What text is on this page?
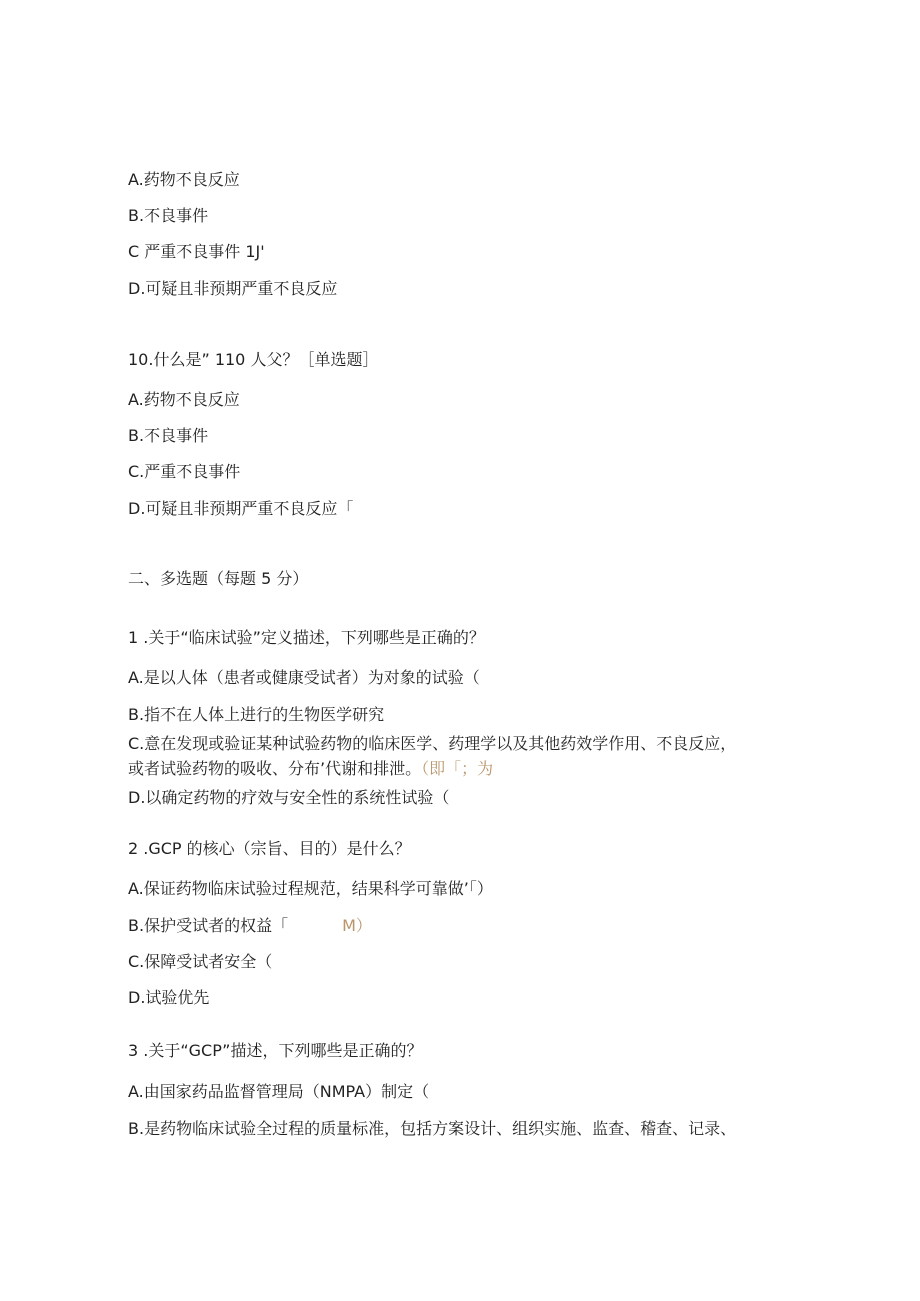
A.药物不良反应
B.不良事件
C 严重不良事件 1J'
D.可疑且非预期严重不良反应
10.什么是” 110 人父？［单选题］
A.药物不良反应
B.不良事件
C.严重不良事件
D.可疑且非预期严重不良反应「
二、多选题（每题 5 分）
1 .关于“临床试验”定义描述，下列哪些是正确的？
A.是以人体（患者或健康受试者）为对象的试验（
B.指不在人体上进行的生物医学研究
C.意在发现或验证某种试验药物的临床医学、药理学以及其他药效学作用、不良反应，
或者试验药物的吸收、分布’代谢和排泄。（即「；为
D.以确定药物的疗效与安全性的系统性试验（
2 .GCP 的核心（宗旨、目的）是什么？
A.保证药物临床试验过程规范，结果科学可靠做’「）
B.保护受试者的权益「	M）
C.保障受试者安全（
D.试验优先
3 .关于“GCP”描述，下列哪些是正确的？
A.由国家药品监督管理局（NMPA）制定（
B.是药物临床试验全过程的质量标准，包括方案设计、组织实施、监查、稽查、记录、
